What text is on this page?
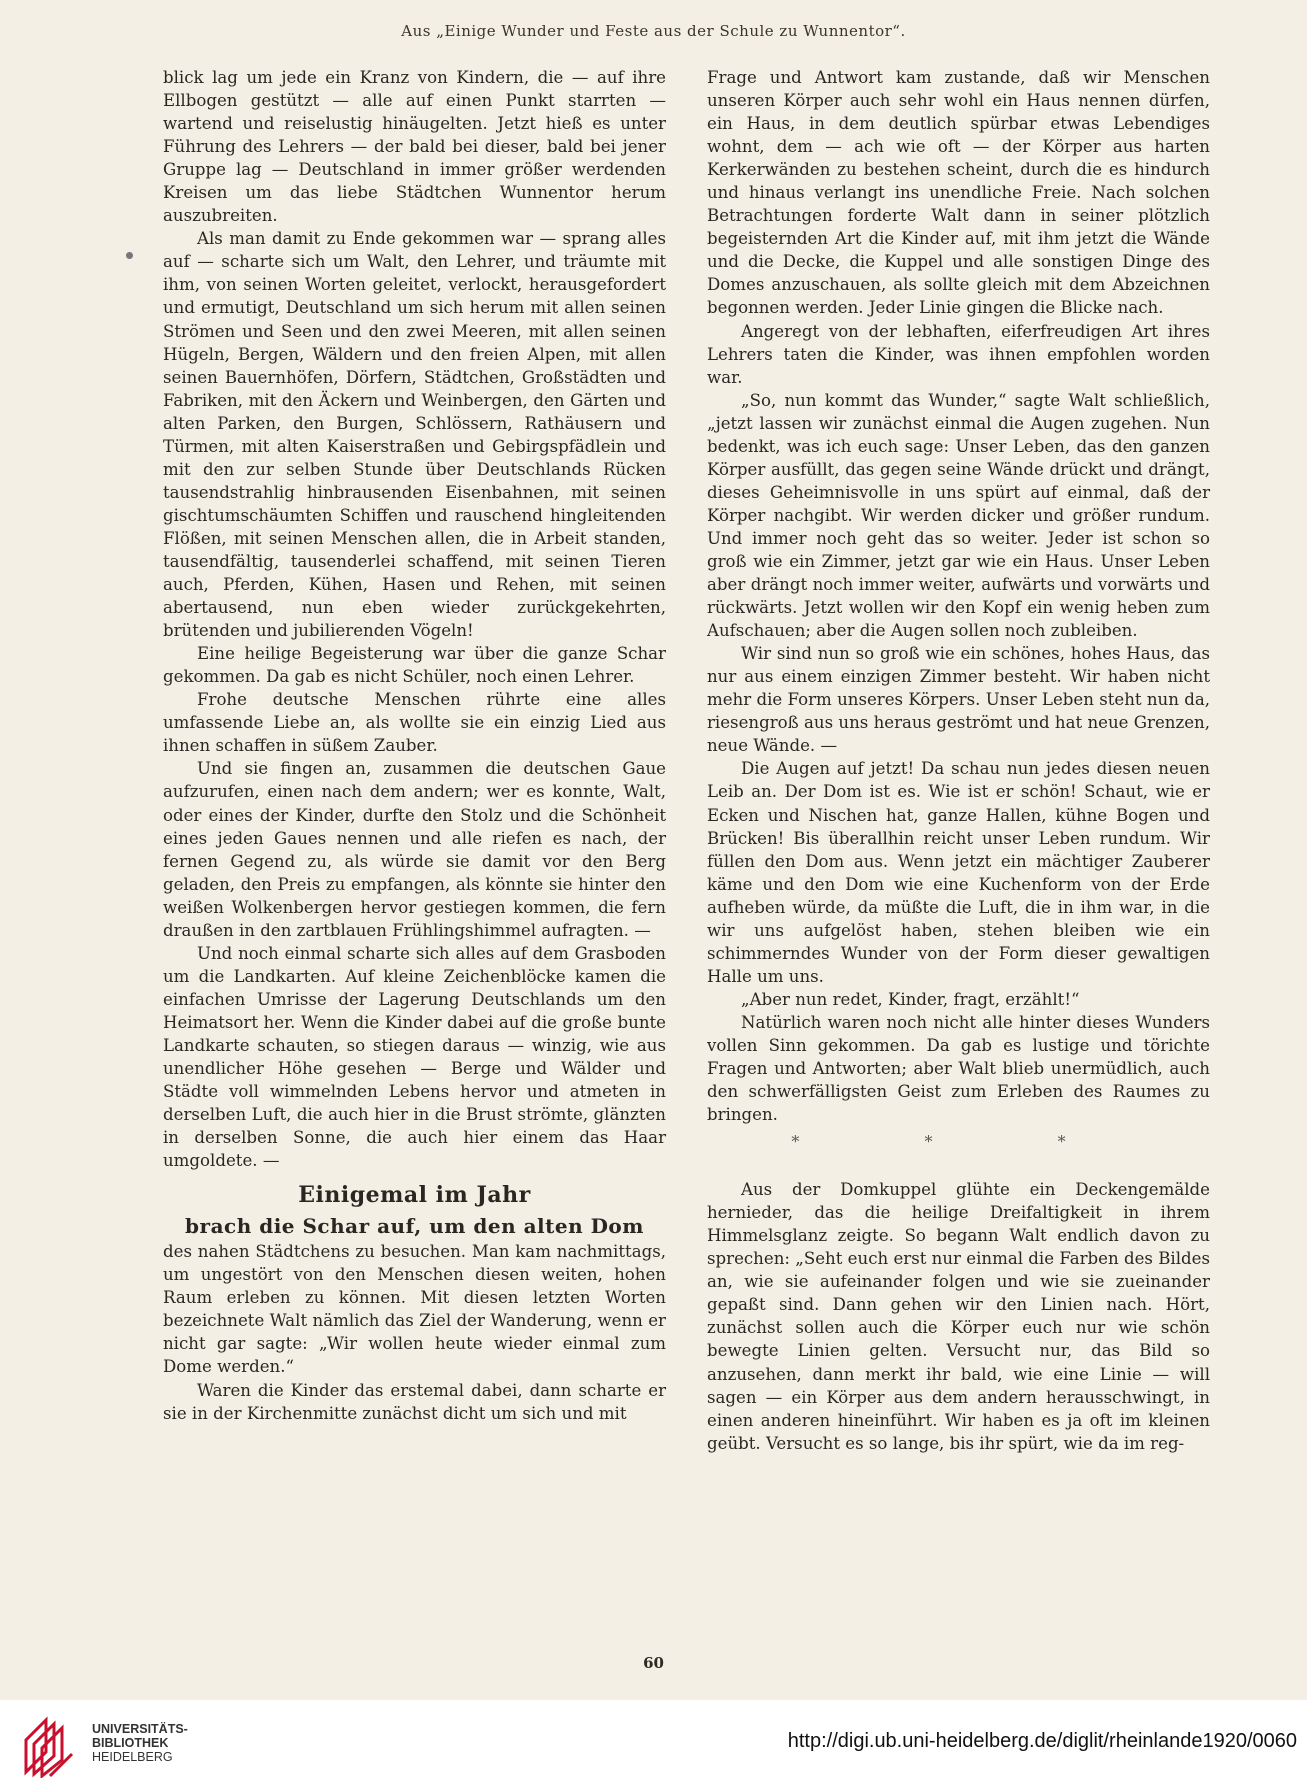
Aus „Einige Wunder und Feste aus der Schule zu Wunnentor“.

blick lag um jede ein Kranz von Kindern, die — auf ihre Ellbogen gestützt — alle auf einen Punkt starrten — wartend und reiselustig hinäugelten. Jetzt hieß es unter Führung des Lehrers — der bald bei dieser, bald bei jener Gruppe lag — Deutschland in immer größer werdenden Kreisen um das liebe Städtchen Wunnentor herum auszubreiten.

Als man damit zu Ende gekommen war — sprang alles auf — scharte sich um Walt, den Lehrer, und träumte mit ihm, von seinen Worten geleitet, verlockt, herausgefordert und ermutigt, Deutschland um sich herum mit allen seinen Strömen und Seen und den zwei Meeren, mit allen seinen Hügeln, Bergen, Wäldern und den freien Alpen, mit allen seinen Bauernhöfen, Dörfern, Städtchen, Großstädten und Fabriken, mit den Äckern und Weinbergen, den Gärten und alten Parken, den Burgen, Schlössern, Rathäusern und Türmen, mit alten Kaiserstraßen und Gebirgspfädlein und mit den zur selben Stunde über Deutschlands Rücken tausendstrahlig hinbrausenden Eisenbahnen, mit seinen gischtumschäumten Schiffen und rauschend hingleitenden Flößen, mit seinen Menschen allen, die in Arbeit standen, tausendfältig, tausenderlei schaffend, mit seinen Tieren auch, Pferden, Kühen, Hasen und Rehen, mit seinen abertausend, nun eben wieder zurückgekehrten, brütenden und jubilierenden Vögeln!

Eine heilige Begeisterung war über die ganze Schar gekommen. Da gab es nicht Schüler, noch einen Lehrer.

Frohe deutsche Menschen rührte eine alles umfassende Liebe an, als wollte sie ein einzig Lied aus ihnen schaffen in süßem Zauber.

Und sie fingen an, zusammen die deutschen Gaue aufzurufen, einen nach dem andern; wer es konnte, Walt, oder eines der Kinder, durfte den Stolz und die Schönheit eines jeden Gaues nennen und alle riefen es nach, der fernen Gegend zu, als würde sie damit vor den Berg geladen, den Preis zu empfangen, als könnte sie hinter den weißen Wolkenbergen hervor gestiegen kommen, die fern draußen in den zartblauen Frühlingshimmel aufragten. —

Und noch einmal scharte sich alles auf dem Grasboden um die Landkarten. Auf kleine Zeichenblöcke kamen die einfachen Umrisse der Lagerung Deutschlands um den Heimatsort her. Wenn die Kinder dabei auf die große bunte Landkarte schauten, so stiegen daraus — winzig, wie aus unendlicher Höhe gesehen — Berge und Wälder und Städte voll wimmelnden Lebens hervor und atmeten in derselben Luft, die auch hier in die Brust strömte, glänzten in derselben Sonne, die auch hier einem das Haar umgoldete. —

Einigemal im Jahr
brach die Schar auf, um den alten Dom

des nahen Städtchens zu besuchen. Man kam nachmittags, um ungestört von den Menschen diesen weiten, hohen Raum erleben zu können. Mit diesen letzten Worten bezeichnete Walt nämlich das Ziel der Wanderung, wenn er nicht gar sagte: „Wir wollen heute wieder einmal zum Dome werden.“

Waren die Kinder das erstemal dabei, dann scharte er sie in der Kirchenmitte zunächst dicht um sich und mit

Frage und Antwort kam zustande, daß wir Menschen unseren Körper auch sehr wohl ein Haus nennen dürfen, ein Haus, in dem deutlich spürbar etwas Lebendiges wohnt, dem — ach wie oft — der Körper aus harten Kerkerwänden zu bestehen scheint, durch die es hindurch und hinaus verlangt ins unendliche Freie. Nach solchen Betrachtungen forderte Walt dann in seiner plötzlich begeisternden Art die Kinder auf, mit ihm jetzt die Wände und die Decke, die Kuppel und alle sonstigen Dinge des Domes anzuschauen, als sollte gleich mit dem Abzeichnen begonnen werden. Jeder Linie gingen die Blicke nach.

Angeregt von der lebhaften, eiferfreudigen Art ihres Lehrers taten die Kinder, was ihnen empfohlen worden war.

„So, nun kommt das Wunder,“ sagte Walt schließlich, „jetzt lassen wir zunächst einmal die Augen zugehen. Nun bedenkt, was ich euch sage: Unser Leben, das den ganzen Körper ausfüllt, das gegen seine Wände drückt und drängt, dieses Geheimnisvolle in uns spürt auf einmal, daß der Körper nachgibt. Wir werden dicker und größer rundum. Und immer noch geht das so weiter. Jeder ist schon so groß wie ein Zimmer, jetzt gar wie ein Haus. Unser Leben aber drängt noch immer weiter, aufwärts und vorwärts und rückwärts. Jetzt wollen wir den Kopf ein wenig heben zum Aufschauen; aber die Augen sollen noch zubleiben.

Wir sind nun so groß wie ein schönes, hohes Haus, das nur aus einem einzigen Zimmer besteht. Wir haben nicht mehr die Form unseres Körpers. Unser Leben steht nun da, riesengroß aus uns heraus geströmt und hat neue Grenzen, neue Wände. —

Die Augen auf jetzt! Da schau nun jedes diesen neuen Leib an. Der Dom ist es. Wie ist er schön! Schaut, wie er Ecken und Nischen hat, ganze Hallen, kühne Bogen und Brücken! Bis überallhin reicht unser Leben rundum. Wir füllen den Dom aus. Wenn jetzt ein mächtiger Zauberer käme und den Dom wie eine Kuchenform von der Erde aufheben würde, da müßte die Luft, die in ihm war, in die wir uns aufgelöst haben, stehen bleiben wie ein schimmerndes Wunder von der Form dieser gewaltigen Halle um uns.

„Aber nun redet, Kinder, fragt, erzählt!“

Natürlich waren noch nicht alle hinter dieses Wunders vollen Sinn gekommen. Da gab es lustige und törichte Fragen und Antworten; aber Walt blieb unermüdlich, auch den schwerfälligsten Geist zum Erleben des Raumes zu bringen.

* * *

Aus der Domkuppel glühte ein Deckengemälde hernieder, das die heilige Dreifaltigkeit in ihrem Himmelsglanz zeigte. So begann Walt endlich davon zu sprechen: „Seht euch erst nur einmal die Farben des Bildes an, wie sie aufeinander folgen und wie sie zueinander gepaßt sind. Dann gehen wir den Linien nach. Hört, zunächst sollen auch die Körper euch nur wie schön bewegte Linien gelten. Versucht nur, das Bild so anzusehen, dann merkt ihr bald, wie eine Linie — will sagen — ein Körper aus dem andern herausschwingt, in einen anderen hineinführt. Wir haben es ja oft im kleinen geübt. Versucht es so lange, bis ihr spürt, wie da im reg-

60
UNIVERSITÄTS-
BIBLIOTHEK
HEIDELBERG
http://digi.ub.uni-heidelberg.de/diglit/rheinlande1920/0060
